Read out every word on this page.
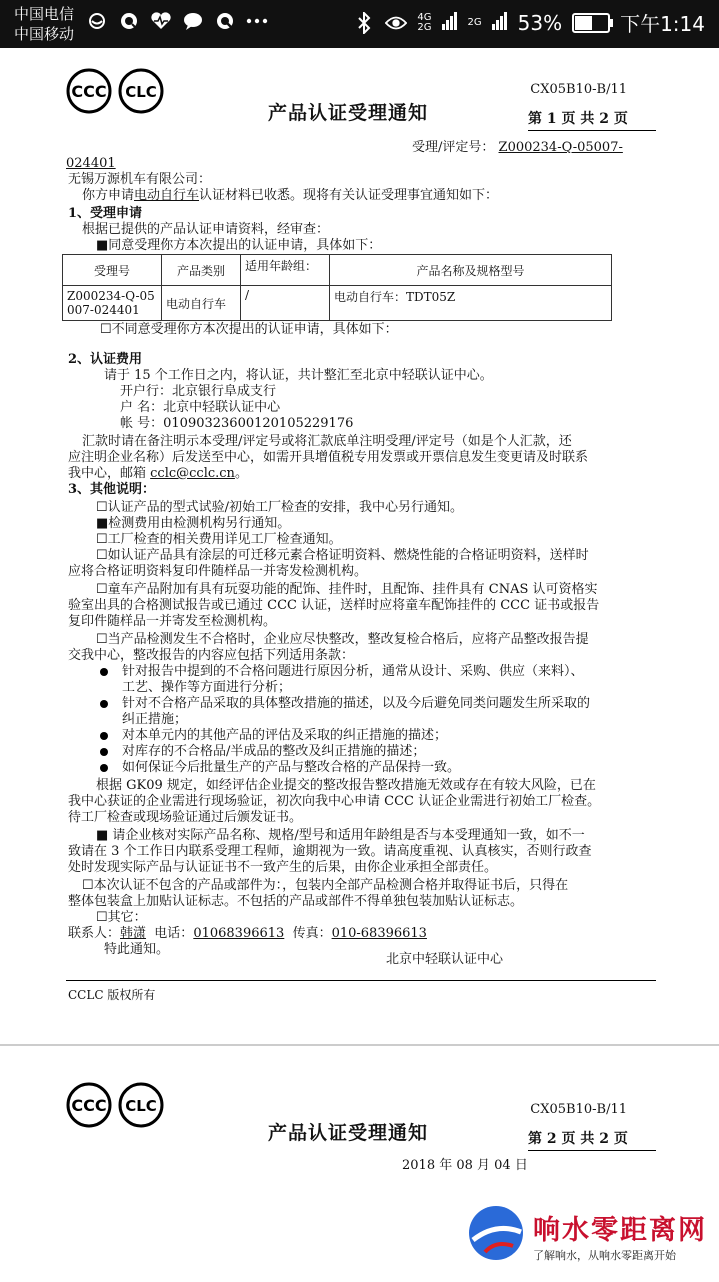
中国电信
中国移动
4G
2G	2G 53%	下午1:14
CCC CLC	CX05B10-B/11
产品认证受理通知	第 1 页 共 2 页
受理/评定号： Z000234-Q-05007-
024401
无锡万源机车有限公司：
你方申请电动自行车认证材料已收悉。现将有关认证受理事宜通知如下：
1、受理申请
根据已提供的产品认证申请资料，经审查：
■同意受理你方本次提出的认证申请，具体如下：
受理号	产品类别	适用年龄组：	产品名称及规格型号
Z000234-Q-05007-024401	电动自行车	/	电动自行车：TDT05Z
☐不同意受理你方本次提出的认证申请，具体如下：
2、认证费用
请于 15 个工作日之内，将认证，共计整汇至北京中轻联认证中心。
开户行：北京银行阜成支行
户 名：北京中轻联认证中心
帐 号：01090323600120105229176
汇款时请在备注明示本受理/评定号或将汇款底单注明受理/评定号（如是个人汇款，还
应注明企业名称）后发送至中心，如需开具增值税专用发票或开票信息发生变更请及时联系
我中心，邮箱 cclc@cclc.cn。
3、其他说明：
☐认证产品的型式试验/初始工厂检查的安排，我中心另行通知。
■检测费用由检测机构另行通知。
☐工厂检查的相关费用详见工厂检查通知。
☐如认证产品具有涂层的可迁移元素合格证明资料、燃烧性能的合格证明资料，送样时
应将合格证明资料复印件随样品一并寄发检测机构。
☐童车产品附加有具有玩耍功能的配饰、挂件时，且配饰、挂件具有 CNAS 认可资格实
验室出具的合格测试报告或已通过 CCC 认证，送样时应将童车配饰挂件的 CCC 证书或报告
复印件随样品一并寄发至检测机构。
☐当产品检测发生不合格时，企业应尽快整改，整改复检合格后，应将产品整改报告提
交我中心，整改报告的内容应包括下列适用条款：
针对报告中提到的不合格问题进行原因分析，通常从设计、采购、供应（来料）、
工艺、操作等方面进行分析；
针对不合格产品采取的具体整改措施的描述，以及今后避免同类问题发生所采取的
纠正措施；
对本单元内的其他产品的评估及采取的纠正措施的描述；
对库存的不合格品/半成品的整改及纠正措施的描述；
如何保证今后批量生产的产品与整改合格的产品保持一致。
根据 GK09 规定，如经评估企业提交的整改报告整改措施无效或存在有较大风险，已在
我中心获证的企业需进行现场验证，初次向我中心申请 CCC 认证企业需进行初始工厂检查。
待工厂检查或现场验证通过后颁发证书。
■ 请企业核对实际产品名称、规格/型号和适用年龄组是否与本受理通知一致，如不一
致请在 3 个工作日内联系受理工程师，逾期视为一致。请高度重视、认真核实，否则行政查
处时发现实际产品与认证证书不一致产生的后果，由你企业承担全部责任。
☐本次认证不包含的产品或部件为：，包装内全部产品检测合格并取得证书后，只得在
整体包装盒上加贴认证标志。不包括的产品或部件不得单独包装加贴认证标志。
☐其它：
联系人：韩潇 电话：01068396613 传真：010-68396613
特此通知。
北京中轻联认证中心
CCLC 版权所有
CCC CLC	CX05B10-B/11
产品认证受理通知	第 2 页 共 2 页
2018 年 08 月 04 日
响水零距离网
了解响水，从响水零距离开始
